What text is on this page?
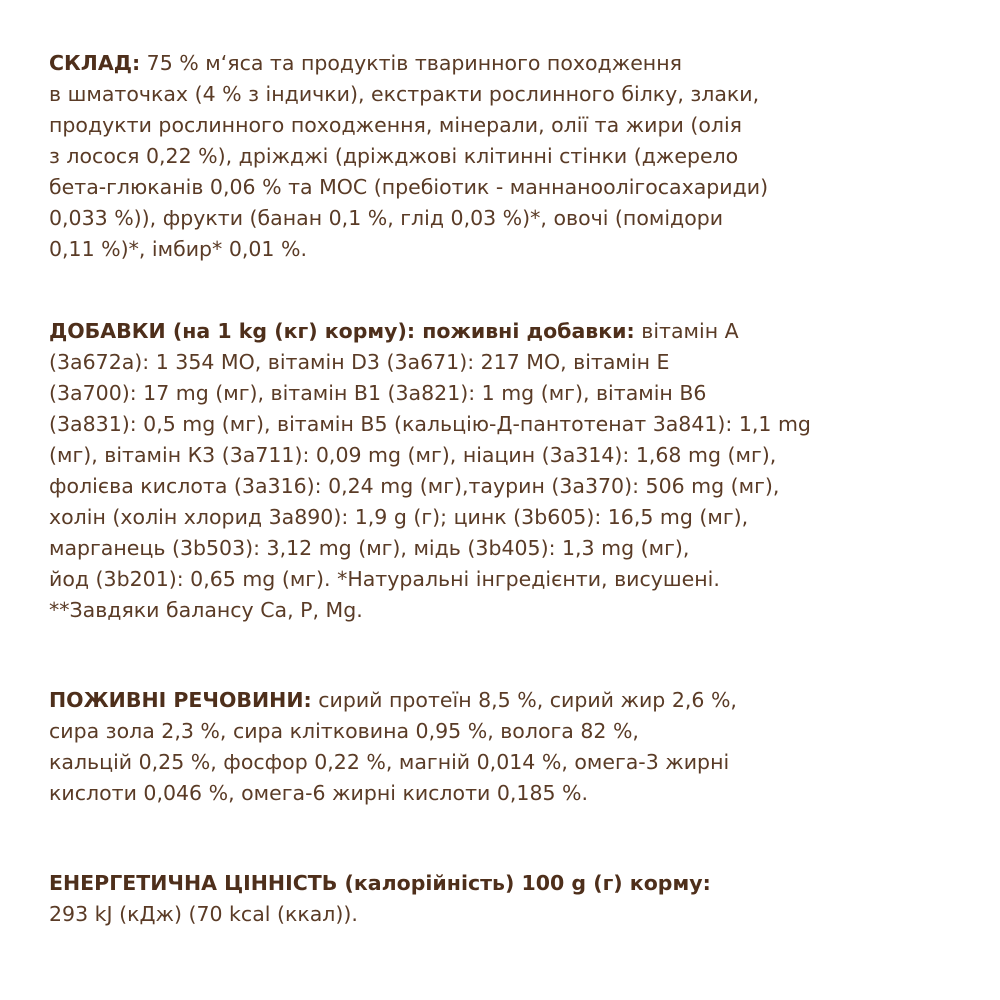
СКЛАД: 75 % м‘яса та продуктів тваринного походження
в шматочках (4 % з індички), екстракти рослинного білку, злаки,
продукти рослинного походження, мінерали, олії та жири (олія
з лосося 0,22 %), дріжджі (дріжджові клітинні стінки (джерело
бета-глюканів 0,06 % та МОС (пребіотик - маннаноолігосахариди)
0,033 %)), фрукти (банан 0,1 %, глід 0,03 %)*, овочі (помідори
0,11 %)*, імбир* 0,01 %.

ДОБАВКИ (на 1 kg (кг) корму): поживні добавки: вітамін А
(3а672а): 1 354 МО, вітамін D3 (3а671): 217 МО, вітамін Е
(3а700): 17 mg (мг), вітамін B1 (3а821): 1 mg (мг), вітамін B6
(3а831): 0,5 mg (мг), вітамін B5 (кальцію-Д-пантотенат 3а841): 1,1 mg
(мг), вітамін К3 (3а711): 0,09 mg (мг), ніацин (3а314): 1,68 mg (мг),
фолієва кислота (3а316): 0,24 mg (мг),таурин (3а370): 506 mg (мг),
холін (холін хлорид 3а890): 1,9 g (г); цинк (3b605): 16,5 mg (мг),
марганець (3b503): 3,12 mg (мг), мідь (3b405): 1,3 mg (мг),
йод (3b201): 0,65 mg (мг). *Натуральні інгредієнти, висушені.
**Завдяки балансу Ca, P, Mg.

ПОЖИВНІ РЕЧОВИНИ: сирий протеїн 8,5 %, сирий жир 2,6 %,
сира зола 2,3 %, сира клітковина 0,95 %, волога 82 %,
кальцій 0,25 %, фосфор 0,22 %, магній 0,014 %, омега-3 жирні
кислоти 0,046 %, омега-6 жирні кислоти 0,185 %.

ЕНЕРГЕТИЧНА ЦІННІСТЬ (калорійність) 100 g (г) корму:
293 kJ (кДж) (70 kcal (ккал)).
